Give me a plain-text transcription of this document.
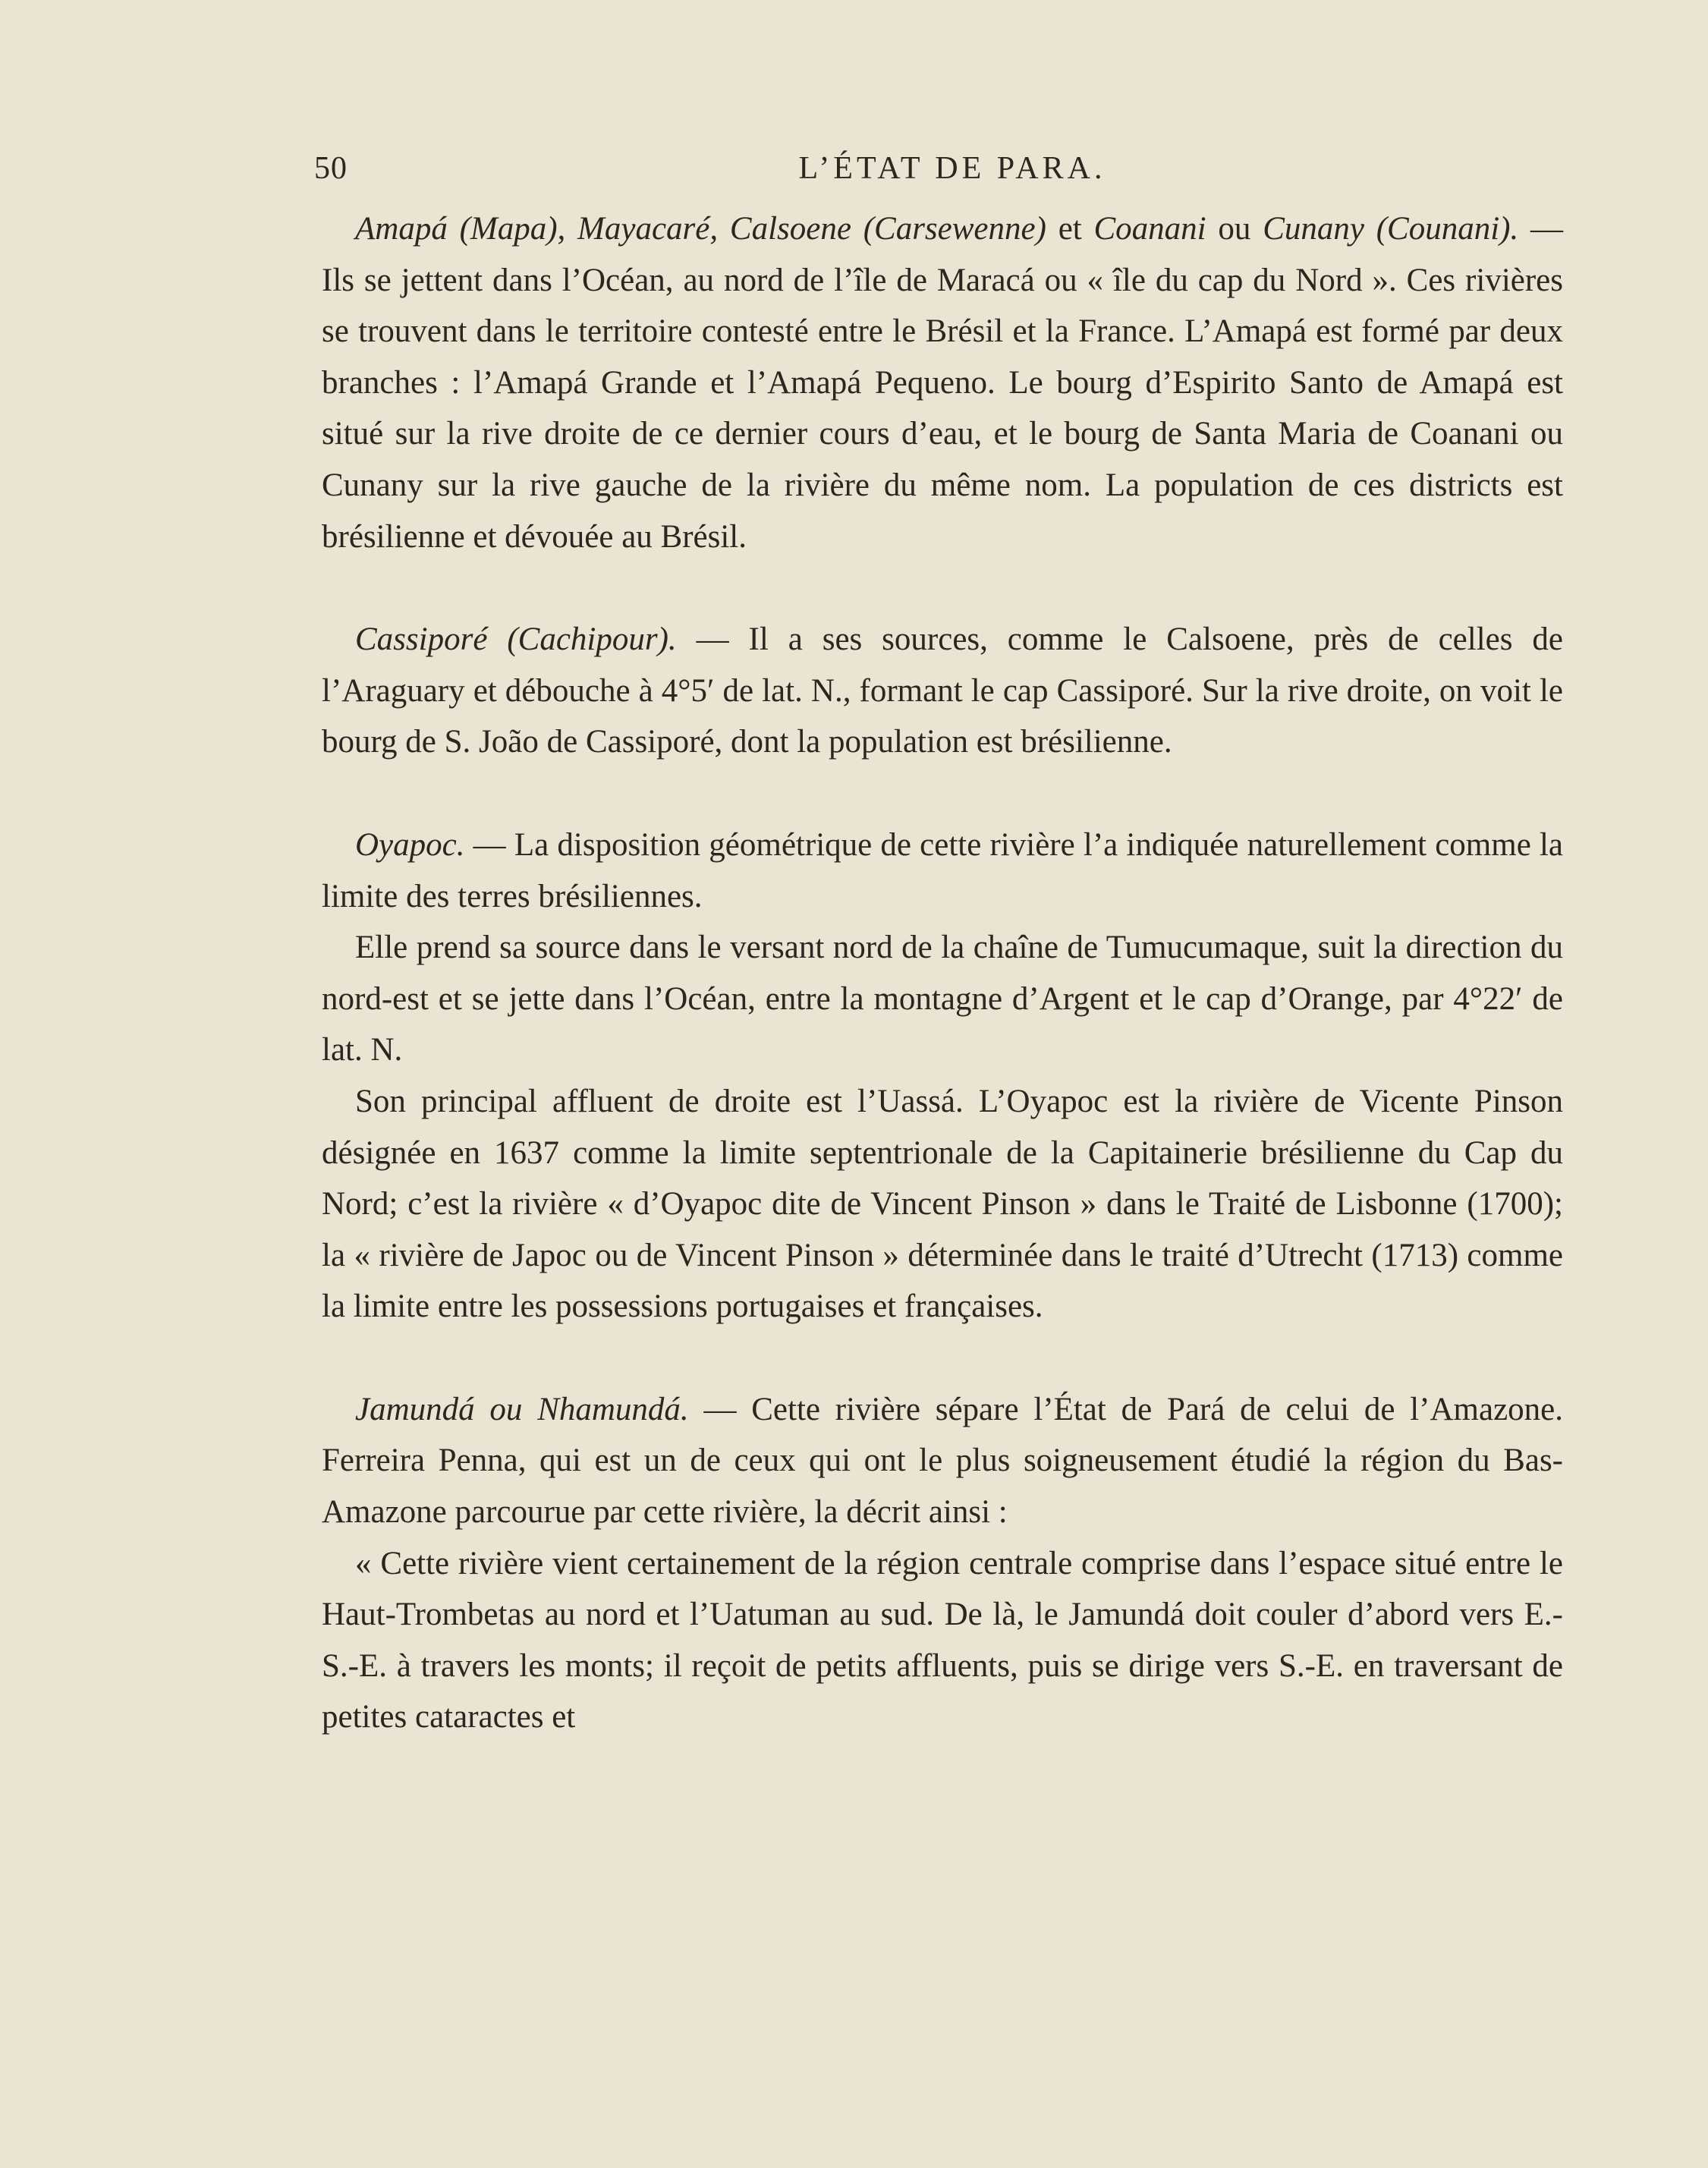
50	L’ÉTAT DE PARA.

Amapá (Mapa), Mayacaré, Calsoene (Carsewenne) et Coanani ou Cunany (Counani). — Ils se jettent dans l’Océan, au nord de l’île de Maracá ou « île du cap du Nord ». Ces rivières se trouvent dans le territoire contesté entre le Brésil et la France. L’Amapá est formé par deux branches : l’Amapá Grande et l’Amapá Pequeno. Le bourg d’Espirito Santo de Amapá est situé sur la rive droite de ce dernier cours d’eau, et le bourg de Santa Maria de Coanani ou Cunany sur la rive gauche de la rivière du même nom. La population de ces districts est brésilienne et dévouée au Brésil.

Cassiporé (Cachipour). — Il a ses sources, comme le Calsoene, près de celles de l’Araguary et débouche à 4°5′ de lat. N., formant le cap Cassiporé. Sur la rive droite, on voit le bourg de S. João de Cassiporé, dont la population est brésilienne.

Oyapoc. — La disposition géométrique de cette rivière l’a indiquée naturellement comme la limite des terres brésiliennes.

Elle prend sa source dans le versant nord de la chaîne de Tumucumaque, suit la direction du nord-est et se jette dans l’Océan, entre la montagne d’Argent et le cap d’Orange, par 4°22′ de lat. N.

Son principal affluent de droite est l’Uassá. L’Oyapoc est la rivière de Vicente Pinson désignée en 1637 comme la limite septentrionale de la Capitainerie brésilienne du Cap du Nord; c’est la rivière « d’Oyapoc dite de Vincent Pinson » dans le Traité de Lisbonne (1700); la « rivière de Japoc ou de Vincent Pinson » déterminée dans le traité d’Utrecht (1713) comme la limite entre les possessions portugaises et françaises.

Jamundá ou Nhamundá. — Cette rivière sépare l’État de Pará de celui de l’Amazone. Ferreira Penna, qui est un de ceux qui ont le plus soigneusement étudié la région du Bas-Amazone parcourue par cette rivière, la décrit ainsi :

« Cette rivière vient certainement de la région centrale comprise dans l’espace situé entre le Haut-Trombetas au nord et l’Uatuman au sud. De là, le Jamundá doit couler d’abord vers E.-S.-E. à travers les monts; il reçoit de petits affluents, puis se dirige vers S.-E. en traversant de petites cataractes et
